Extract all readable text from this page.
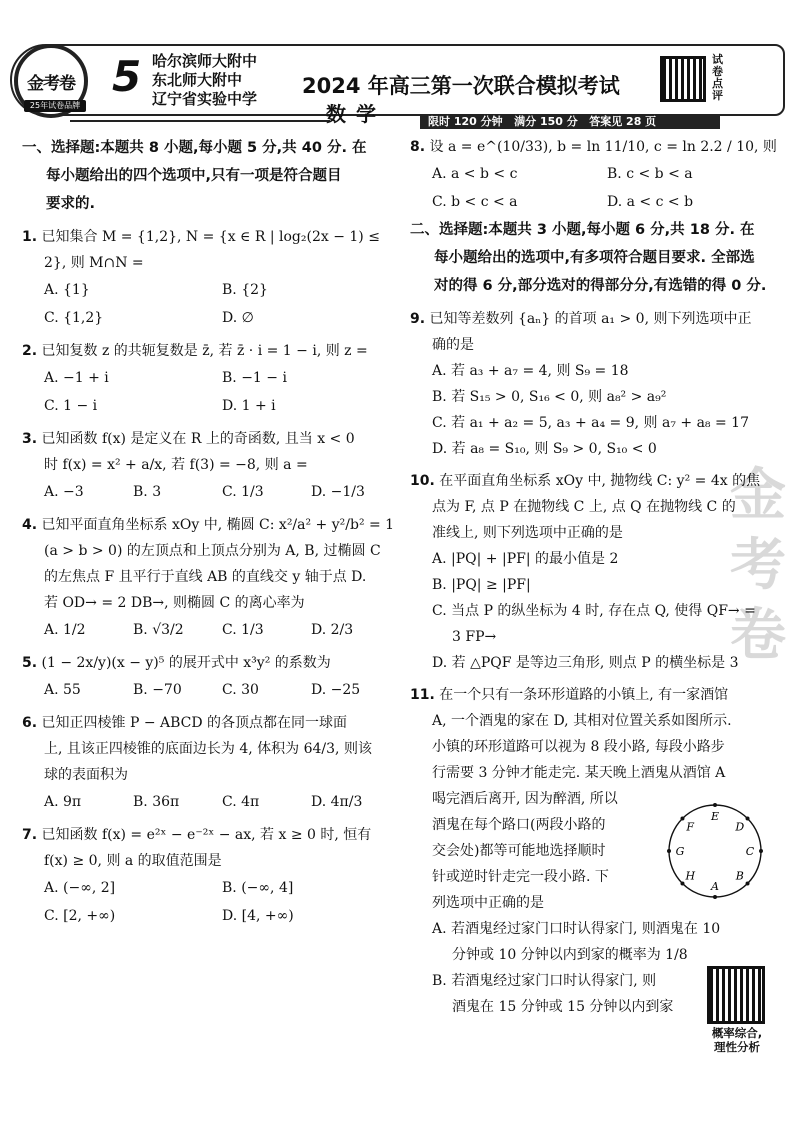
金考卷
25年试卷品牌
5 哈尔滨师大附中
东北师大附中
辽宁省实验中学
2024 年高三第一次联合模拟考试
试卷点评
数学	限时 120 分钟   满分 150 分   答案见 28 页
一、选择题:本题共 8 小题,每小题 5 分,共 40 分. 在
每小题给出的四个选项中,只有一项是符合题目
要求的.
1. 已知集合 M = {1,2}, N = {x ∈ R | log₂(2x − 1) ≤
2}, 则 M∩N =
A. {1}	B. {2}
C. {1,2}	D. ∅
2. 已知复数 z 的共轭复数是 z̄, 若 z̄ · i = 1 − i, 则 z =
A. −1 + i	B. −1 − i
C. 1 − i	D. 1 + i
3. 已知函数 f(x) 是定义在 R 上的奇函数, 且当 x < 0
时 f(x) = x² + a/x, 若 f(3) = −8, 则 a =
A. −3	B. 3	C. 1/3	D. −1/3
4. 已知平面直角坐标系 xOy 中, 椭圆 C: x²/a² + y²/b² = 1
(a > b > 0) 的左顶点和上顶点分别为 A, B, 过椭圆 C
的左焦点 F 且平行于直线 AB 的直线交 y 轴于点 D.
若 OD→ = 2 DB→, 则椭圆 C 的离心率为
A. 1/2	B. √3/2	C. 1/3	D. 2/3
5. (1 − 2x/y)(x − y)⁵ 的展开式中 x³y² 的系数为
A. 55	B. −70	C. 30	D. −25
6. 已知正四棱锥 P − ABCD 的各顶点都在同一球面
上, 且该正四棱锥的底面边长为 4, 体积为 64/3, 则该
球的表面积为
A. 9π	B. 36π	C. 4π	D. 4π/3
7. 已知函数 f(x) = e²ˣ − e⁻²ˣ − ax, 若 x ≥ 0 时, 恒有
f(x) ≥ 0, 则 a 的取值范围是
A. (−∞, 2]	B. (−∞, 4]
C. [2, +∞)	D. [4, +∞)
8. 设 a = e^(10/33), b = ln 11/10, c = ln 2.2 / 10, 则
A. a < b < c	B. c < b < a
C. b < c < a	D. a < c < b
二、选择题:本题共 3 小题,每小题 6 分,共 18 分. 在
每小题给出的选项中,有多项符合题目要求. 全部选
对的得 6 分,部分选对的得部分分,有选错的得 0 分.
9. 已知等差数列 {aₙ} 的首项 a₁ > 0, 则下列选项中正
确的是
A. 若 a₃ + a₇ = 4, 则 S₉ = 18
B. 若 S₁₅ > 0, S₁₆ < 0, 则 a₈² > a₉²
C. 若 a₁ + a₂ = 5, a₃ + a₄ = 9, 则 a₇ + a₈ = 17
D. 若 a₈ = S₁₀, 则 S₉ > 0, S₁₀ < 0
10. 在平面直角坐标系 xOy 中, 抛物线 C: y² = 4x 的焦
点为 F, 点 P 在抛物线 C 上, 点 Q 在抛物线 C 的
准线上, 则下列选项中正确的是
A. |PQ| + |PF| 的最小值是 2
B. |PQ| ≥ |PF|
C. 当点 P 的纵坐标为 4 时, 存在点 Q, 使得 QF→ =
3 FP→
D. 若 △PQF 是等边三角形, 则点 P 的横坐标是 3
11. 在一个只有一条环形道路的小镇上, 有一家酒馆
A, 一个酒鬼的家在 D, 其相对位置关系如图所示.
小镇的环形道路可以视为 8 段小路, 每段小路步
行需要 3 分钟才能走完. 某天晚上酒鬼从酒馆 A
喝完酒后离开, 因为醉酒, 所以
酒鬼在每个路口(两段小路的
交会处)都等可能地选择顺时
针或逆时针走完一段小路. 下
列选项中正确的是
A. 若酒鬼经过家门口时认得家门, 则酒鬼在 10
分钟或 10 分钟以内到家的概率为 1/8
B. 若酒鬼经过家门口时认得家门, 则
酒鬼在 15 分钟或 15 分钟以内到家
A
B
C
D
E
F
G
H
金
考
卷
概率综合,
理性分析
